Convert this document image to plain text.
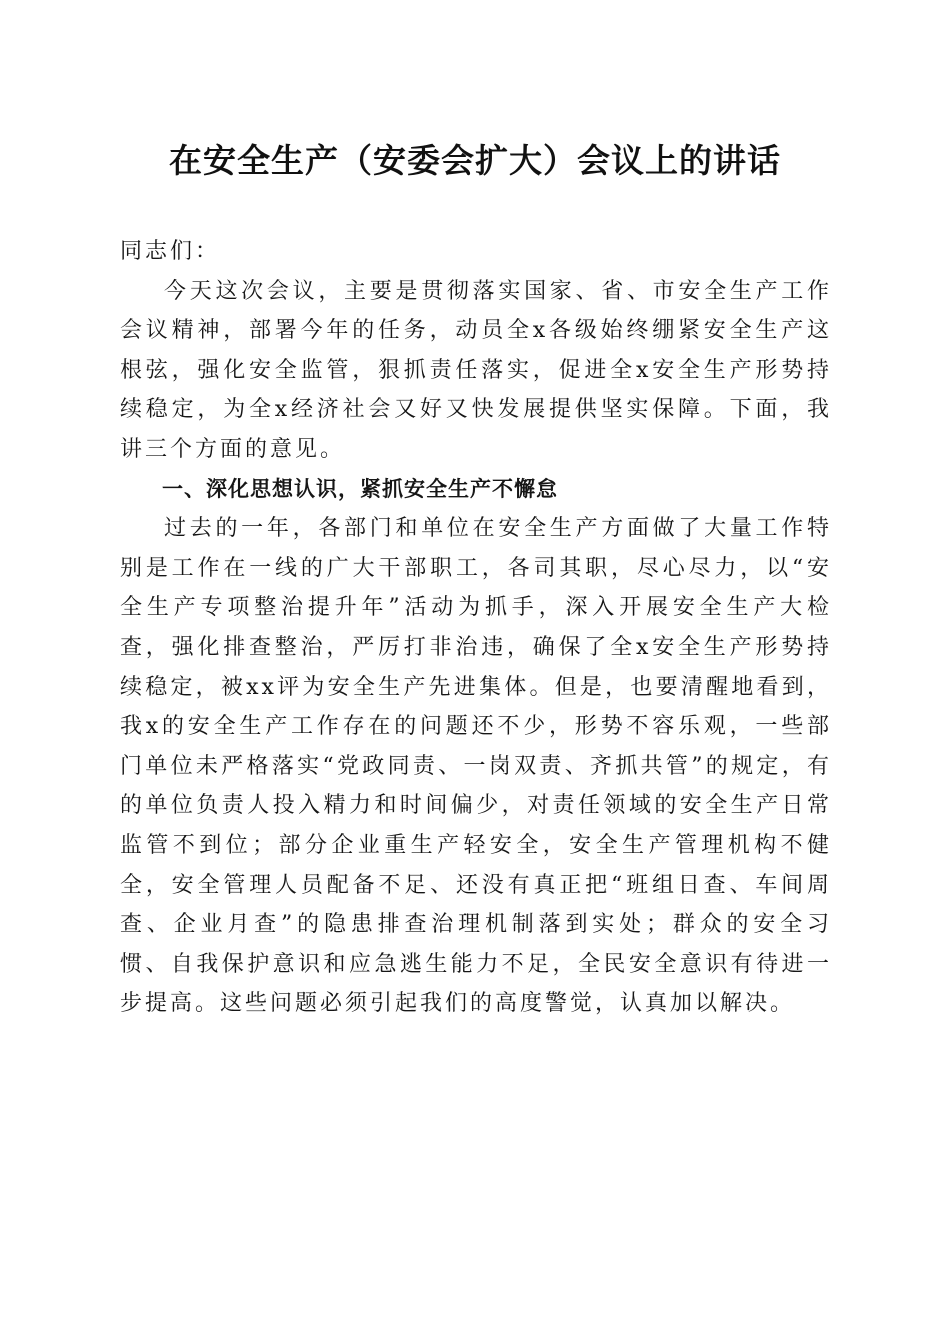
在安全生产（安委会扩大）会议上的讲话

同志们：

今天这次会议，主要是贯彻落实国家、省、市安全生产工作会议精神，部署今年的任务，动员全x各级始终绷紧安全生产这根弦，强化安全监管，狠抓责任落实，促进全x安全生产形势持续稳定，为全x经济社会又好又快发展提供坚实保障。下面，我讲三个方面的意见。

一、深化思想认识，紧抓安全生产不懈怠

过去的一年，各部门和单位在安全生产方面做了大量工作特别是工作在一线的广大干部职工，各司其职，尽心尽力，以“安全生产专项整治提升年”活动为抓手，深入开展安全生产大检查，强化排查整治，严厉打非治违，确保了全x安全生产形势持续稳定，被xx评为安全生产先进集体。但是，也要清醒地看到，我x的安全生产工作存在的问题还不少，形势不容乐观，一些部门单位未严格落实“党政同责、一岗双责、齐抓共管”的规定，有的单位负责人投入精力和时间偏少，对责任领域的安全生产日常监管不到位；部分企业重生产轻安全，安全生产管理机构不健全，安全管理人员配备不足、还没有真正把“班组日查、车间周查、企业月查”的隐患排查治理机制落到实处；群众的安全习惯、自我保护意识和应急逃生能力不足，全民安全意识有待进一步提高。这些问题必须引起我们的高度警觉，认真加以解决。
